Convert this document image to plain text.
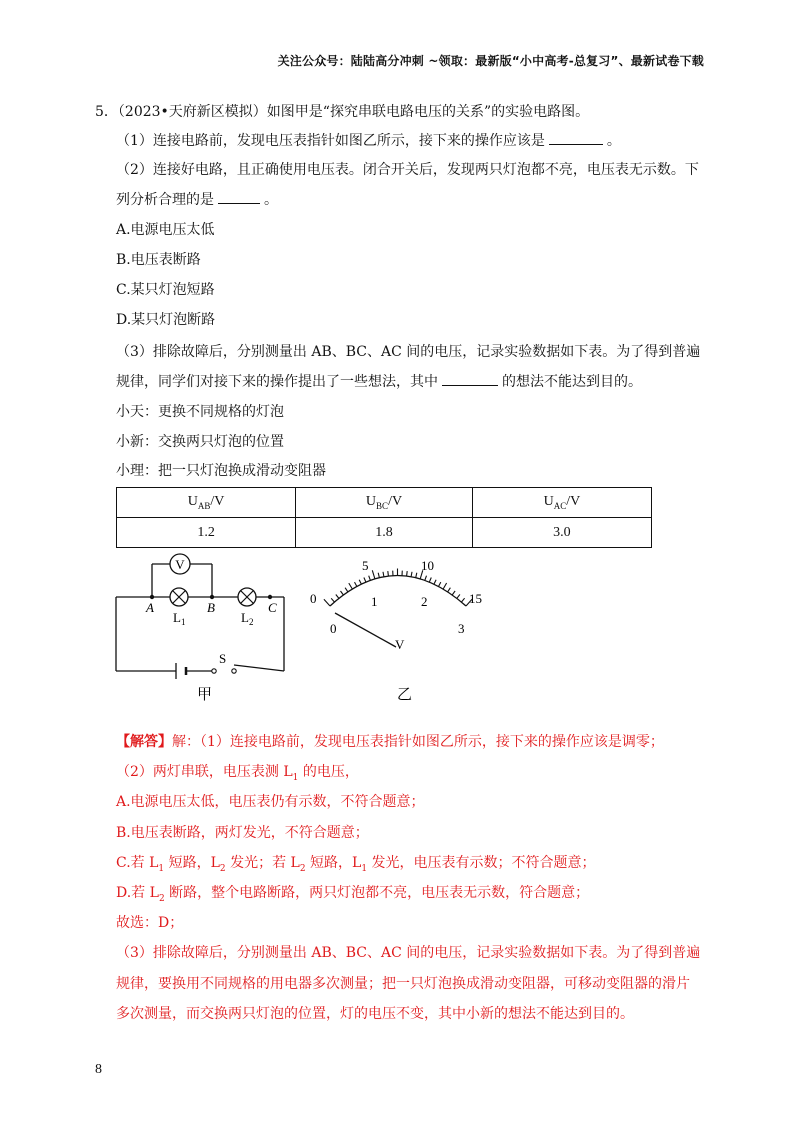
关注公众号：陆陆高分冲刺 ~领取：最新版“小中高考-总复习”、最新试卷下载
5．（2023•天府新区模拟）如图甲是“探究串联电路电压的关系”的实验电路图。
（1）连接电路前，发现电压表指针如图乙所示，接下来的操作应该是	。
（2）连接好电路，且正确使用电压表。闭合开关后，发现两只灯泡都不亮，电压表无示数。下
列分析合理的是	。
A.电源电压太低
B.电压表断路
C.某只灯泡短路
D.某只灯泡断路
（3）排除故障后，分别测量出 AB、BC、AC 间的电压，记录实验数据如下表。为了得到普遍
规律，同学们对接下来的操作提出了一些想法，其中	的想法不能达到目的。
小天：更换不同规格的灯泡
小新：交换两只灯泡的位置
小理：把一只灯泡换成滑动变阻器
$U_{AB}/V$	$U_{BC}/V$	$U_{AC}/V$
1.2	1.8	3.0
V
A	B	C
$L_1$	$L_2$
S
甲
0
5	10
15
0
1	2
3
V
乙
【解答】解：（1）连接电路前，发现电压表指针如图乙所示，接下来的操作应该是调零；
（2）两灯串联，电压表测 $L_1$ 的电压，
A.电源电压太低，电压表仍有示数，不符合题意；
B.电压表断路，两灯发光，不符合题意；
C.若 $L_1$ 短路，$L_2$ 发光；若 $L_2$ 短路，$L_1$ 发光，电压表有示数；不符合题意；
D.若 $L_2$ 断路，整个电路断路，两只灯泡都不亮，电压表无示数，符合题意；
故选：D；
（3）排除故障后，分别测量出 AB、BC、AC 间的电压，记录实验数据如下表。为了得到普遍
规律，要换用不同规格的用电器多次测量；把一只灯泡换成滑动变阻器，可移动变阻器的滑片
多次测量，而交换两只灯泡的位置，灯的电压不变，其中小新的想法不能达到目的。
8
